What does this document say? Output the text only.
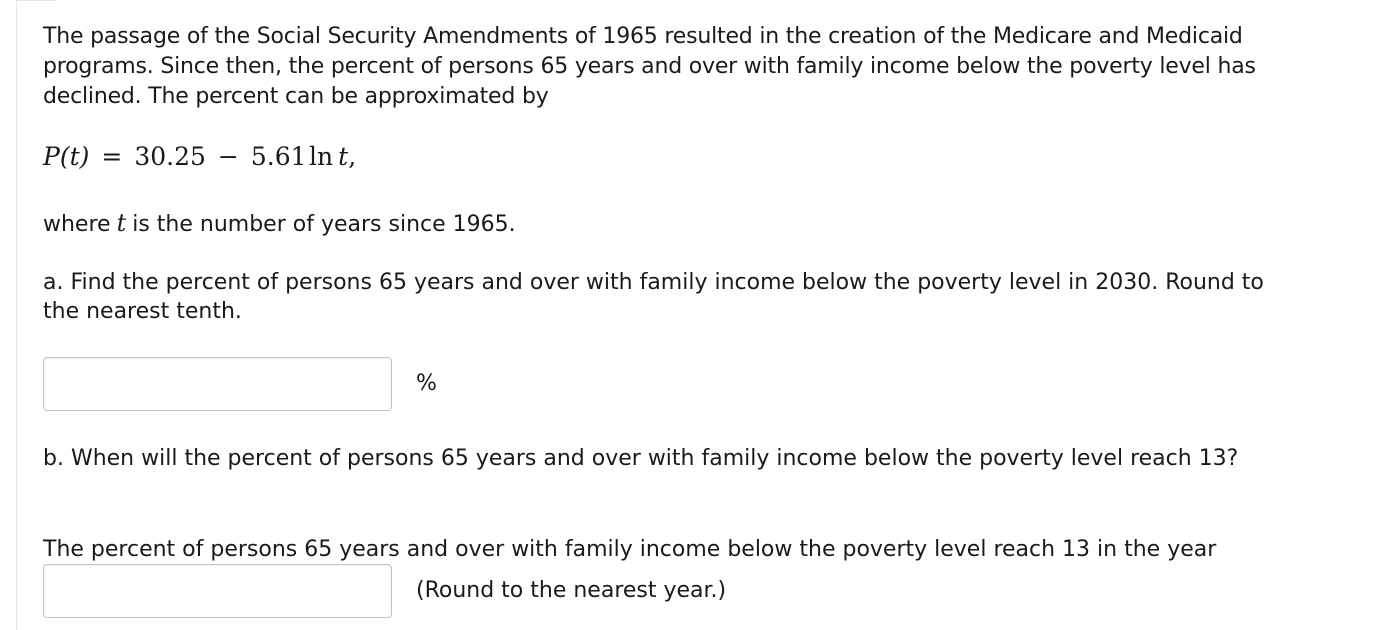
The passage of the Social Security Amendments of 1965 resulted in the creation of the Medicare and Medicaid programs. Since then, the percent of persons 65 years and over with family income below the poverty level has declined. The percent can be approximated by

P(t) = 30.25 − 5.61  ln  t,
where t is the number of years since 1965.
a. Find the percent of persons 65 years and over with family income below the poverty level in 2030. Round to the nearest tenth.
%
b. When will the percent of persons 65 years and over with family income below the poverty level reach 13?
The percent of persons 65 years and over with family income below the poverty level reach 13 in the year
(Round to the nearest year.)
